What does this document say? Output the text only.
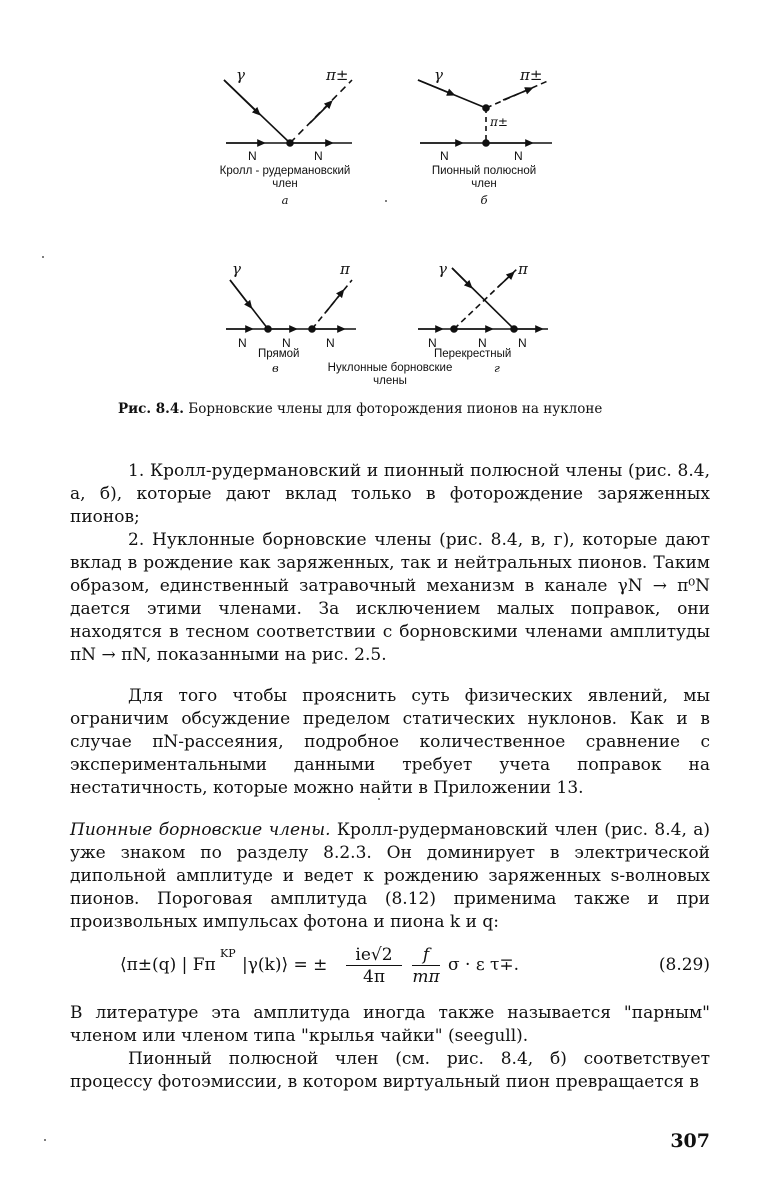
γ	π±
N	N
Кролл - рудермановский
член
а
γ	π±
π±
N	N
Пионный полюсной
член
б
γ	π
N	N	N
Прямой
в
γ	π
N	N	N
Перекрестный
г
Нуклонные борновские
члены
Рис. 8.4. Борновские члены для фоторождения пионов на нуклоне

1. Кролл-рудермановский и пионный полюсной члены (рис. 8.4, а, б), которые дают вклад только в фоторождение заряженных пионов;

2. Нуклонные борновские члены (рис. 8.4, в, г), которые дают вклад в рождение как заряженных, так и нейтральных пионов. Таким образом, единственный затравочный механизм в канале γN → π⁰N дается этими членами. За исключением малых поправок, они находятся в тесном соответствии с борновскими членами амплитуды πN → πN, показанными на рис. 2.5.

Для того чтобы прояснить суть физических явлений, мы ограничим обсуждение пределом статических нуклонов. Как и в случае πN-рассеяния, подробное количественное сравнение с экспериментальными данными требует учета поправок на нестатичность, которые можно найти в Приложении 13.

Пионные борновские члены. Кролл-рудермановский член (рис. 8.4, а) уже знаком по разделу 8.2.3. Он доминирует в электрической дипольной амплитуде и ведет к рождению заряженных s-волновых пионов. Пороговая амплитуда (8.12) применима также и при произвольных импульсах фотона и пиона k и q:

⟨π±(q) | Fπ
KP
|γ(k)⟩ = ±	ie√2
4π
f
mπ
σ · ε τ∓.	(8.29)

В литературе эта амплитуда иногда также называется "парным" членом или членом типа "крылья чайки" (seegull).

Пионный полюсной член (см. рис. 8.4, б) соответствует процессу фотоэмиссии, в котором виртуальный пион превращается в

307
